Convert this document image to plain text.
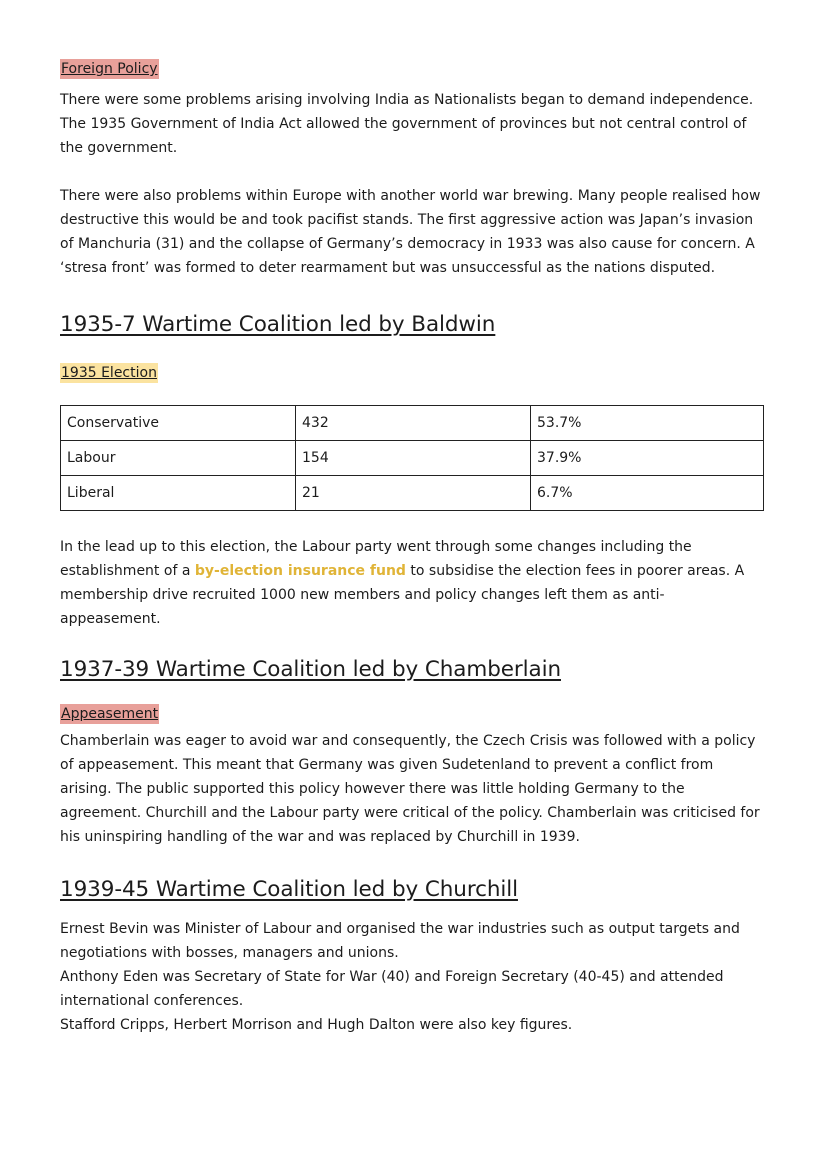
Foreign Policy

There were some problems arising involving India as Nationalists began to demand independence. The 1935 Government of India Act allowed the government of provinces but not central control of the government.

There were also problems within Europe with another world war brewing. Many people realised how destructive this would be and took pacifist stands. The first aggressive action was Japan’s invasion of Manchuria (31) and the collapse of Germany’s democracy in 1933 was also cause for concern. A ‘stresa front’ was formed to deter rearmament but was unsuccessful as the nations disputed.

1935-7 Wartime Coalition led by Baldwin
1935 Election
Conservative	432	53.7%
Labour	154	37.9%
Liberal	21	6.7%

In the lead up to this election, the Labour party went through some changes including the establishment of a by-election insurance fund to subsidise the election fees in poorer areas. A membership drive recruited 1000 new members and policy changes left them as anti-appeasement.

1937-39 Wartime Coalition led by Chamberlain
Appeasement

Chamberlain was eager to avoid war and consequently, the Czech Crisis was followed with a policy of appeasement. This meant that Germany was given Sudetenland to prevent a conflict from arising. The public supported this policy however there was little holding Germany to the agreement. Churchill and the Labour party were critical of the policy. Chamberlain was criticised for his uninspiring handling of the war and was replaced by Churchill in 1939.

1939-45 Wartime Coalition led by Churchill

Ernest Bevin was Minister of Labour and organised the war industries such as output targets and negotiations with bosses, managers and unions.

Anthony Eden was Secretary of State for War (40) and Foreign Secretary (40-45) and attended international conferences.

Stafford Cripps, Herbert Morrison and Hugh Dalton were also key figures.
